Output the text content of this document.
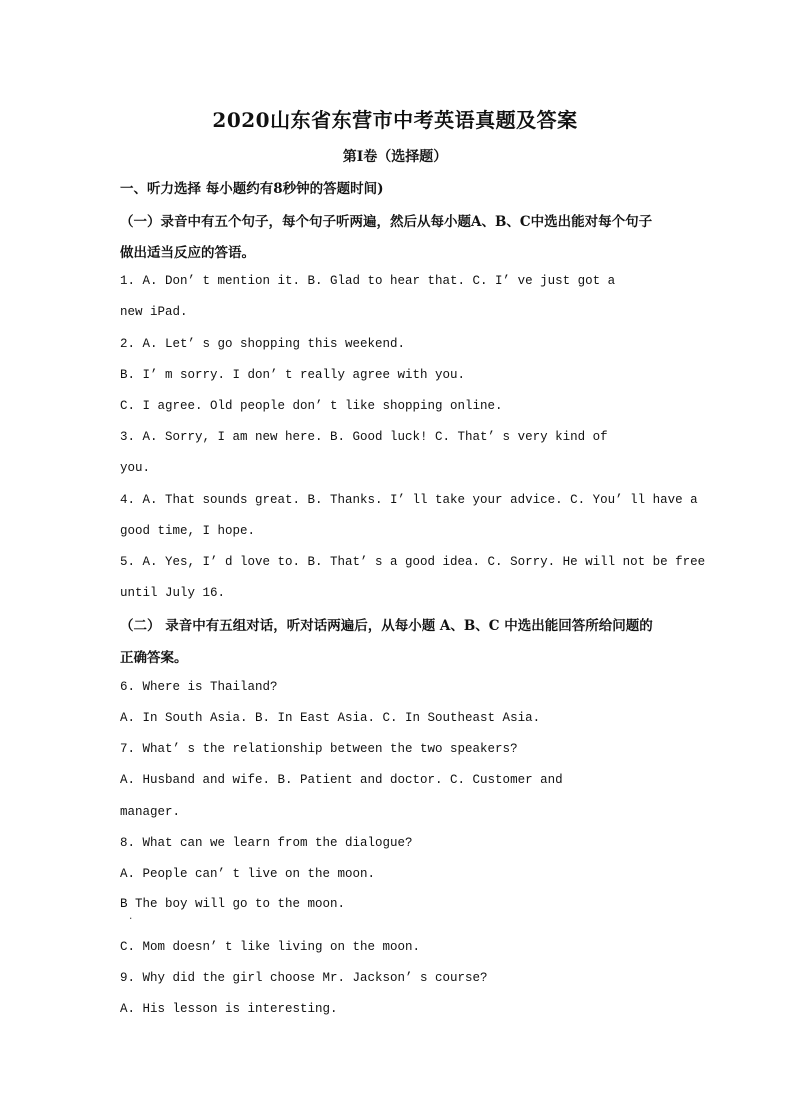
2020山东省东营市中考英语真题及答案
第Ⅰ卷（选择题）
一、听力选择 每小题约有8秒钟的答题时间)
（一）录音中有五个句子，每个句子听两遍，然后从每小题A、B、C中选出能对每个句子
做出适当反应的答语。
1. A. Don’ t mention it. B. Glad to hear that. C. I’ ve just got a
new iPad.
2. A. Let’ s go shopping this weekend.
B. I’ m sorry. I don’ t really agree with you.
C. I agree. Old people don’ t like shopping online.
3. A. Sorry, I am new here. B. Good luck! C. That’ s very kind of
you.
4. A. That sounds great. B. Thanks. I’ ll take your advice. C. You’ ll have a
good time, I hope.
5. A. Yes, I’ d love to. B. That’ s a good idea. C. Sorry. He will not be free
until July 16.
（二） 录音中有五组对话，听对话两遍后，从每小题 A、B、C 中选出能回答所给问题的
正确答案。
6. Where is Thailand?
A. In South Asia. B. In East Asia. C. In Southeast Asia.
7. What’ s the relationship between the two speakers?
A. Husband and wife. B. Patient and doctor. C. Customer and
manager.
8. What can we learn from the dialogue?
A. People can’ t live on the moon.
B The boy will go to the moon.
·
C. Mom doesn’ t like living on the moon.
9. Why did the girl choose Mr. Jackson’ s course?
A. His lesson is interesting.
